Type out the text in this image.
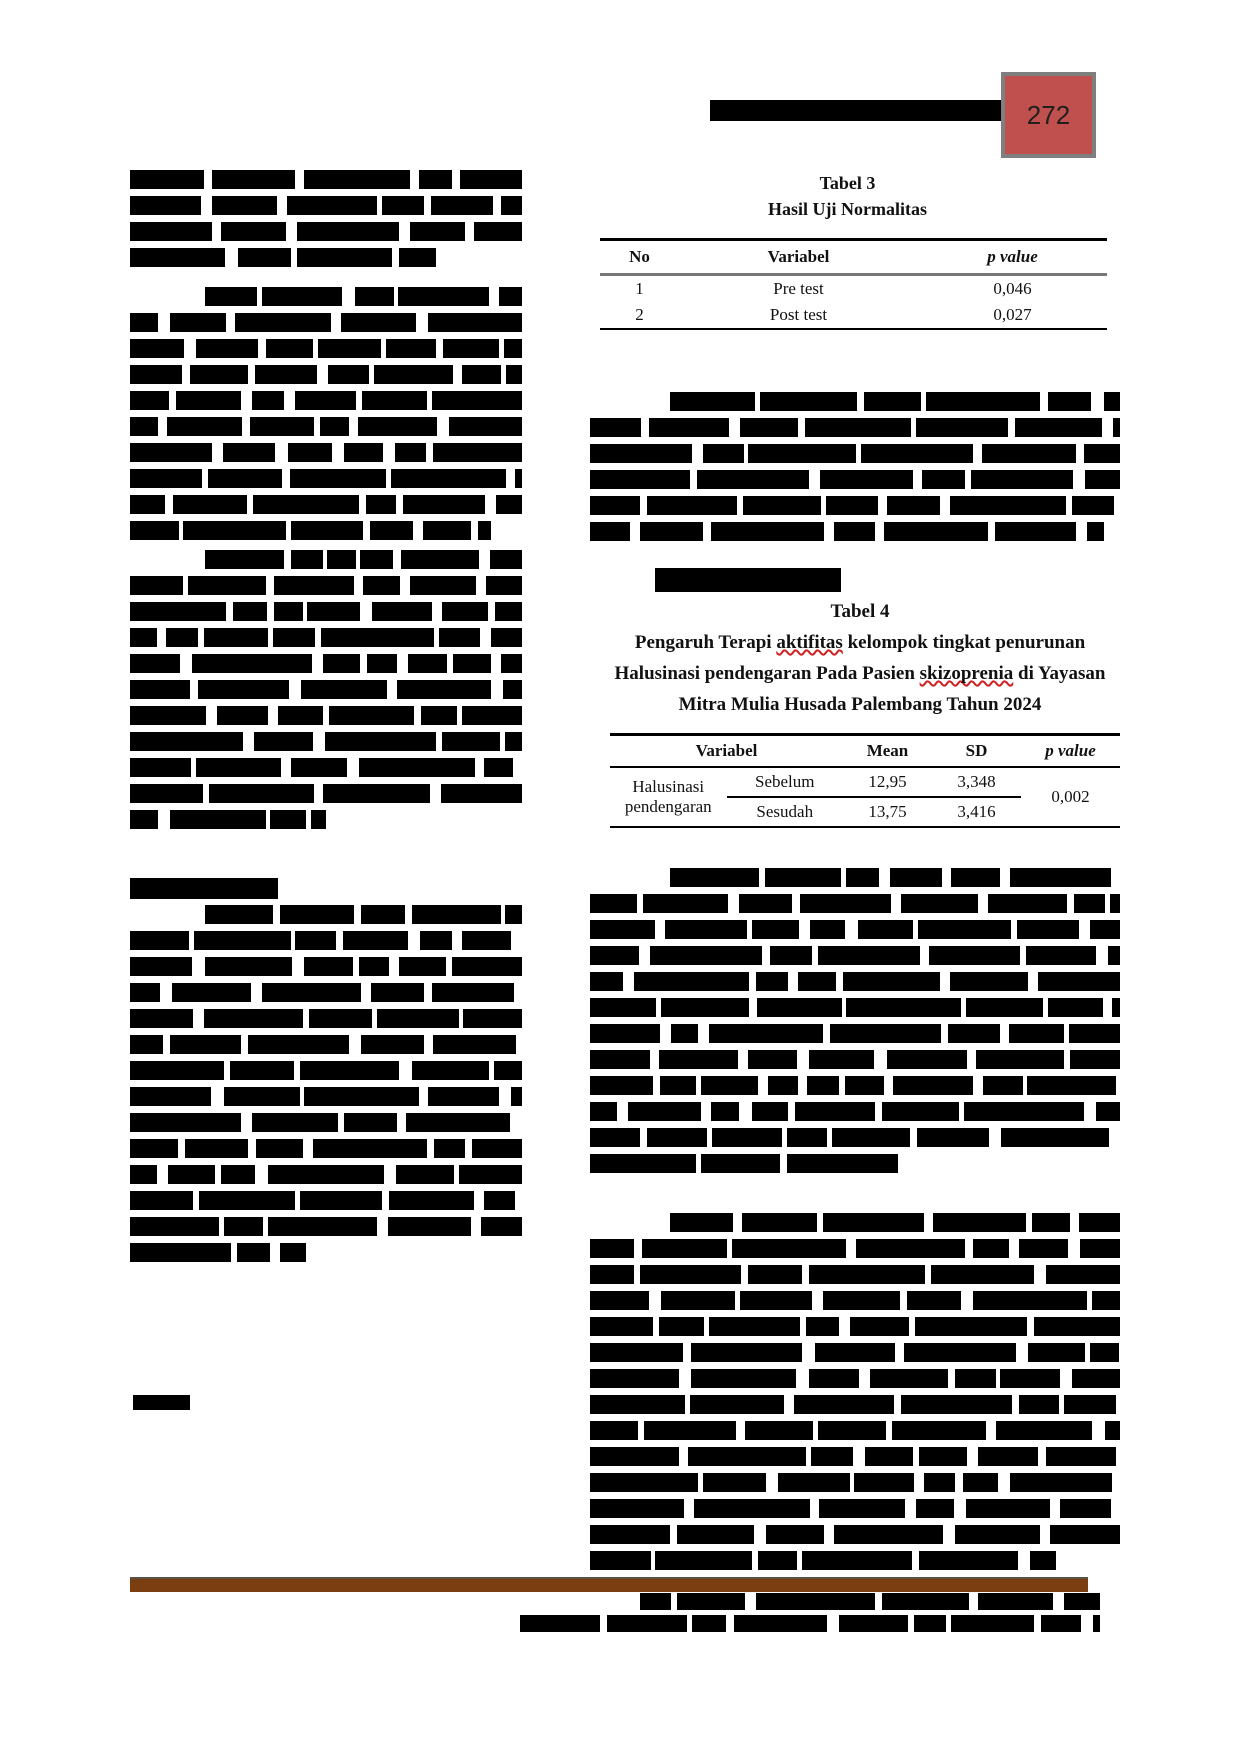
272
Tabel 3
Hasil Uji Normalitas
No	Variabel	p value
1	Pre test	0,046
2	Post test	0,027
Tabel 4
Pengaruh Terapi aktifitas kelompok tingkat penurunan Halusinasi pendengaran Pada Pasien skizoprenia di Yayasan Mitra Mulia Husada Palembang Tahun 2024
Variabel		Mean	SD	p value
Halusinasi pendengaran	Sebelum	12,95	3,348	0,002
	Sesudah	13,75	3,416	
